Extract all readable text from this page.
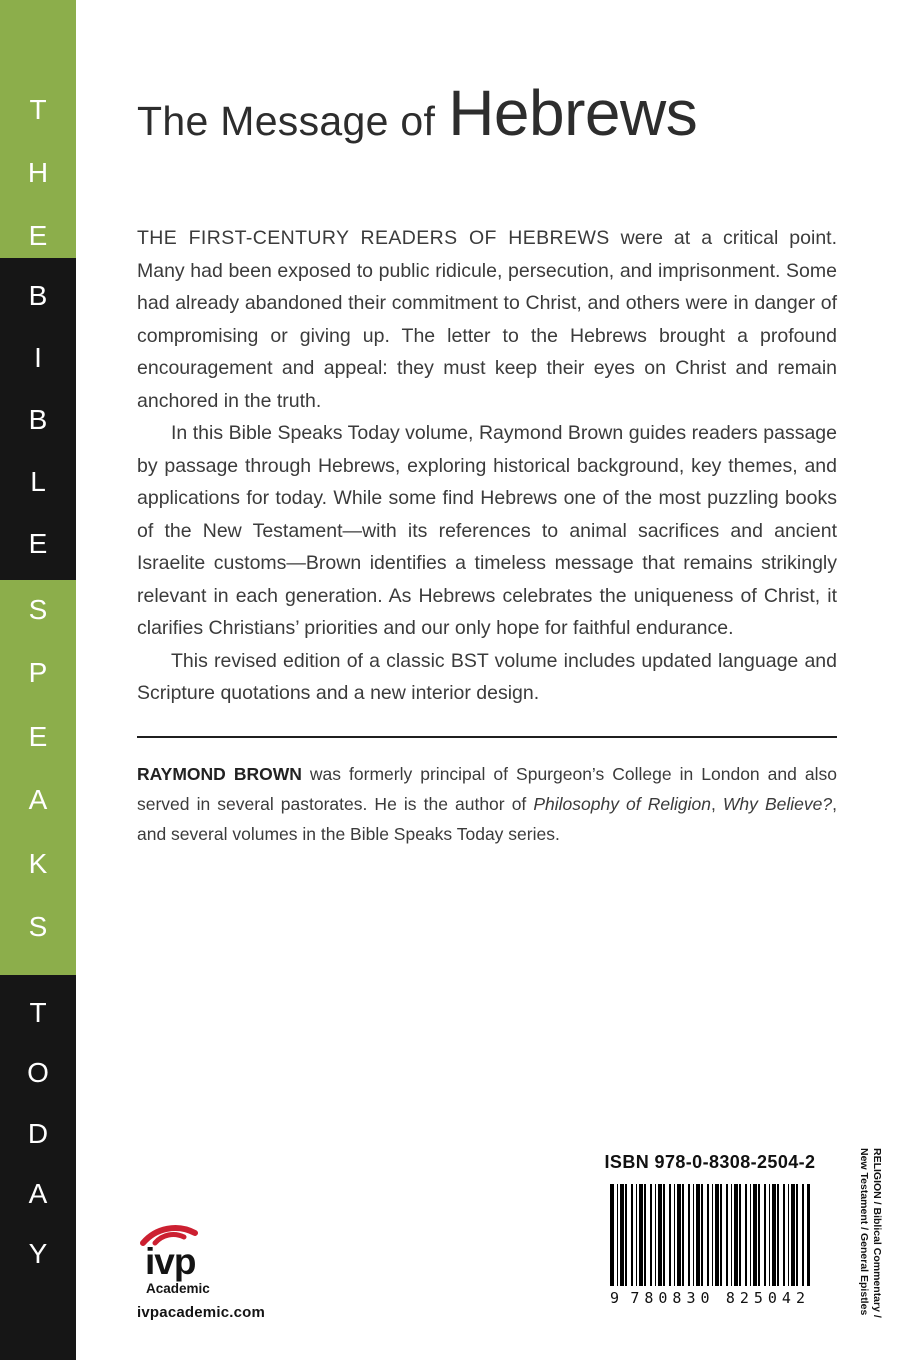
T
H
E
B
I
B
L
E
S
P
E
A
K
S
T
O
D
A
Y
The Message of Hebrews

THE FIRST-CENTURY READERS OF HEBREWS were at a critical point. Many had been exposed to public ridicule, persecution, and imprisonment. Some had already abandoned their commitment to Christ, and others were in danger of compromising or giving up. The letter to the Hebrews brought a profound encouragement and appeal: they must keep their eyes on Christ and remain anchored in the truth.

In this Bible Speaks Today volume, Raymond Brown guides readers passage by passage through Hebrews, exploring historical background, key themes, and applications for today. While some find Hebrews one of the most puzzling books of the New Testament—with its references to animal sacrifices and ancient Israelite customs—Brown identifies a timeless message that remains strikingly relevant in each generation. As Hebrews celebrates the uniqueness of Christ, it clarifies Christians’ priorities and our only hope for faithful endurance.

This revised edition of a classic BST volume includes updated language and Scripture quotations and a new interior design.

RAYMOND BROWN was formerly principal of Spurgeon’s College in London and also served in several pastorates. He is the author of Philosophy of Religion, Why Believe?, and several volumes in the Bible Speaks Today series.

ISBN 978-0-8308-2504-2
9 780830 825042	RELIGION / Biblical Commentary /
New Testament / General Epistles
ivp
Academic
ivpacademic.com
